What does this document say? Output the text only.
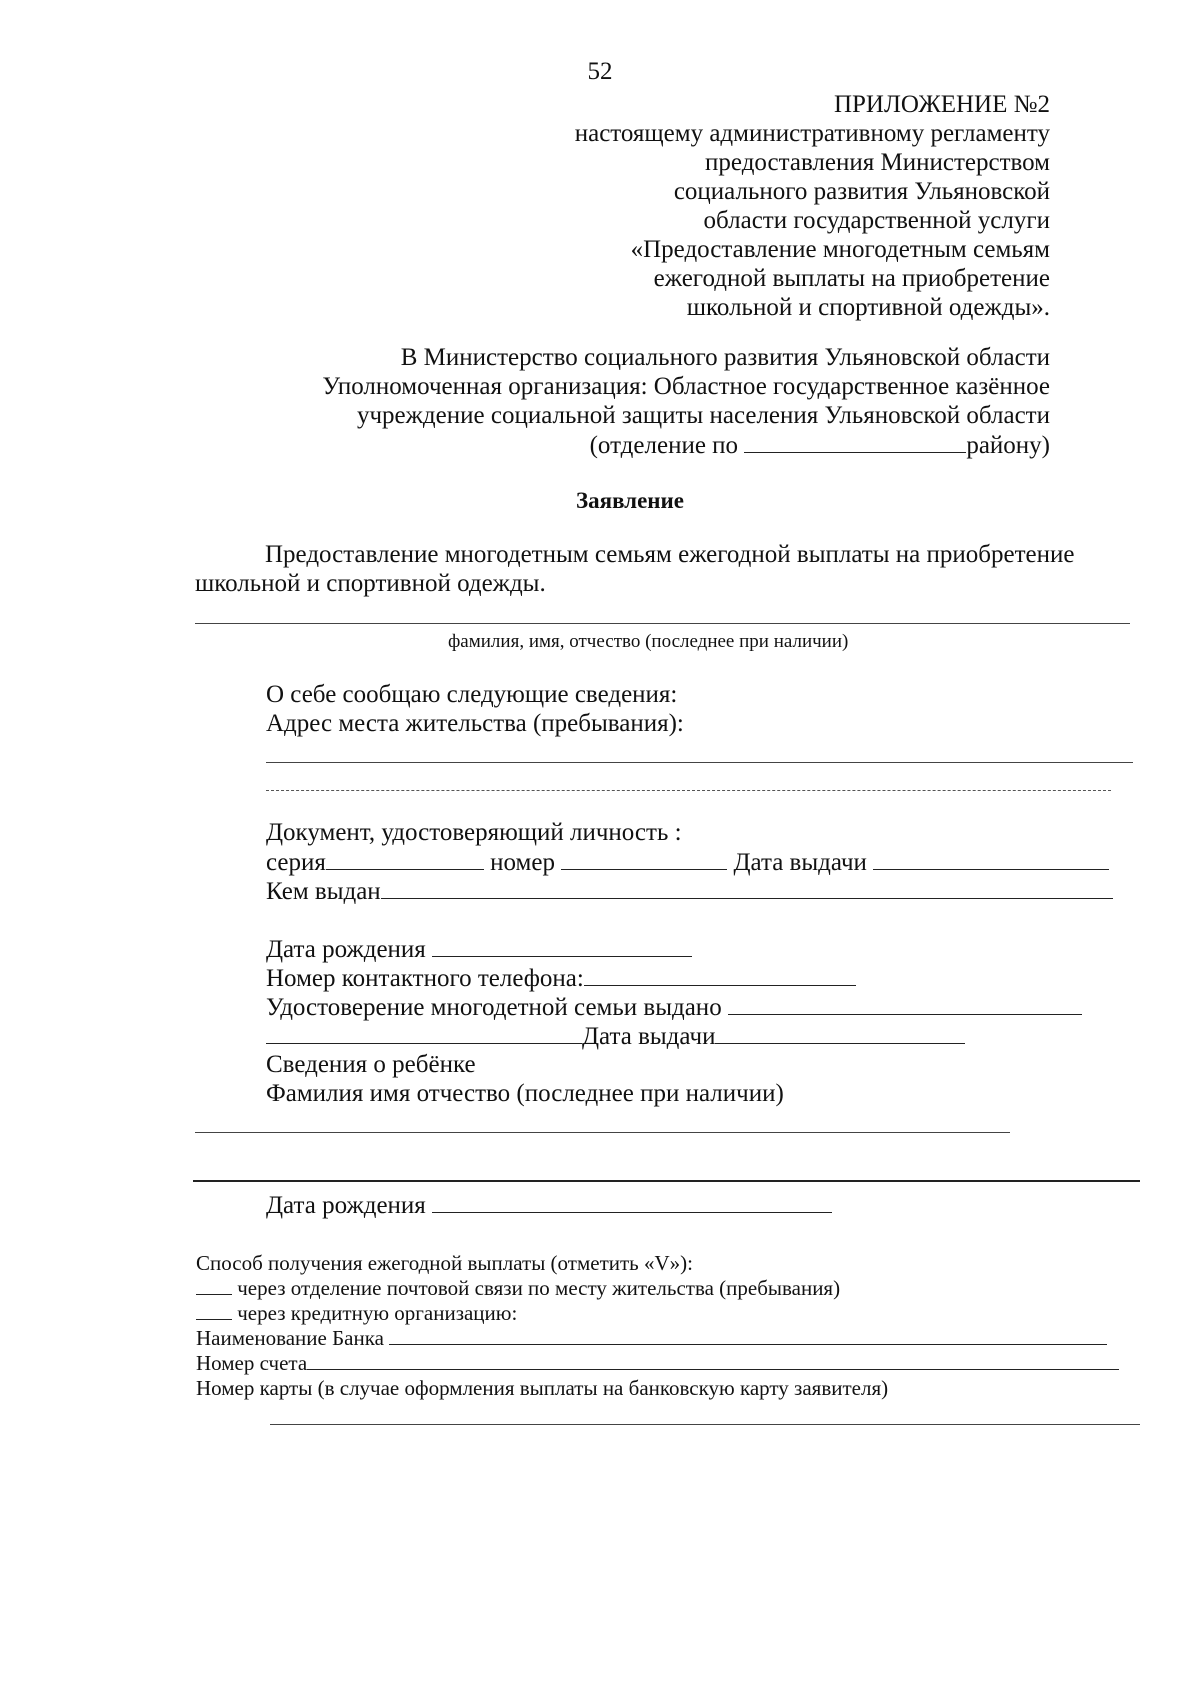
52
ПРИЛОЖЕНИЕ №2
настоящему административному регламенту
предоставления Министерством
социального развития Ульяновской
области государственной услуги
«Предоставление многодетным семьям
ежегодной выплаты на приобретение
школьной и спортивной одежды».
В Министерство социального развития Ульяновской области
Уполномоченная организация: Областное государственное казённое
учреждение социальной защиты населения Ульяновской области
(отделение по	району)
Заявление
Предоставление многодетным семьям ежегодной выплаты на приобретение
школьной и спортивной одежды.
фамилия, имя, отчество (последнее при наличии)
О себе сообщаю следующие сведения:
Адрес места жительства (пребывания):
Документ, удостоверяющий личность :
серия	номер	Дата выдачи
Кем выдан
Дата рождения
Номер контактного телефона:
Удостоверение многодетной семьи выдано
Дата выдачи
Сведения о ребёнке
Фамилия имя отчество (последнее при наличии)
Дата рождения
Способ получения ежегодной выплаты (отметить «V»):
через отделение почтовой связи по месту жительства (пребывания)
через кредитную организацию:
Наименование Банка
Номер счета
Номер карты (в случае оформления выплаты на банковскую карту заявителя)
